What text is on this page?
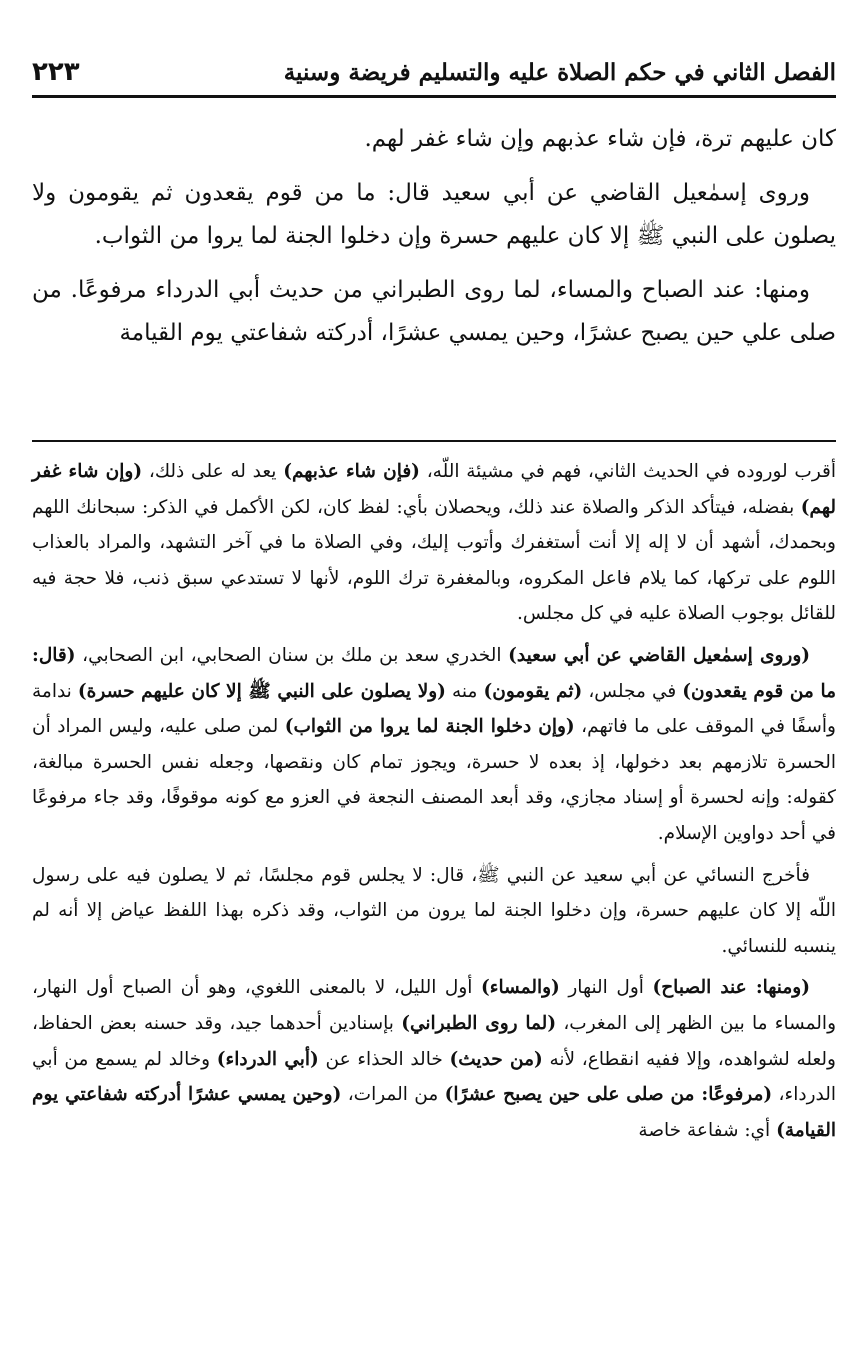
الفصل الثاني في حكم الصلاة عليه والتسليم فريضة وسنية
٢٢٣

كان عليهم ترة، فإن شاء عذبهم وإن شاء غفر لهم.

وروى إسمٰعيل القاضي عن أبي سعيد قال: ما من قوم يقعدون ثم يقومون ولا يصلون على النبي ﷺ إلا كان عليهم حسرة وإن دخلوا الجنة لما يروا من الثواب.

ومنها: عند الصباح والمساء، لما روى الطبراني من حديث أبي الدرداء مرفوعًا. من صلى علي حين يصبح عشرًا، وحين يمسي عشرًا، أدركته شفاعتي يوم القيامة

أقرب لوروده في الحديث الثاني، فهم في مشيئة اللّه، (فإن شاء عذبهم) يعد له على ذلك، (وإن شاء غفر لهم) بفضله، فيتأكد الذكر والصلاة عند ذلك، ويحصلان بأي: لفظ كان، لكن الأكمل في الذكر: سبحانك اللهم وبحمدك، أشهد أن لا إله إلا أنت أستغفرك وأتوب إليك، وفي الصلاة ما في آخر التشهد، والمراد بالعذاب اللوم على تركها، كما يلام فاعل المكروه، وبالمغفرة ترك اللوم، لأنها لا تستدعي سبق ذنب، فلا حجة فيه للقائل بوجوب الصلاة عليه في كل مجلس.

(وروى إسمٰعيل القاضي عن أبي سعيد) الخدري سعد بن ملك بن سنان الصحابي، ابن الصحابي، (قال: ما من قوم يقعدون) في مجلس، (ثم يقومون) منه (ولا يصلون على النبي ﷺ إلا كان عليهم حسرة) ندامة وأسفًا في الموقف على ما فاتهم، (وإن دخلوا الجنة لما يروا من الثواب) لمن صلى عليه، وليس المراد أن الحسرة تلازمهم بعد دخولها، إذ بعده لا حسرة، ويجوز تمام كان ونقصها، وجعله نفس الحسرة مبالغة، كقوله: وإنه لحسرة أو إسناد مجازي، وقد أبعد المصنف النجعة في العزو مع كونه موقوفًا، وقد جاء مرفوعًا في أحد دواوين الإسلام.

فأخرج النسائي عن أبي سعيد عن النبي ﷺ، قال: لا يجلس قوم مجلسًا، ثم لا يصلون فيه على رسول اللّه إلا كان عليهم حسرة، وإن دخلوا الجنة لما يرون من الثواب، وقد ذكره بهذا اللفظ عياض إلا أنه لم ينسبه للنسائي.

(ومنها: عند الصباح) أول النهار (والمساء) أول الليل، لا بالمعنى اللغوي، وهو أن الصباح أول النهار، والمساء ما بين الظهر إلى المغرب، (لما روى الطبراني) بإسنادين أحدهما جيد، وقد حسنه بعض الحفاظ، ولعله لشواهده، وإلا ففيه انقطاع، لأنه (من حديث) خالد الحذاء عن (أبي الدرداء) وخالد لم يسمع من أبي الدرداء، (مرفوعًا: من صلى على حين يصبح عشرًا) من المرات، (وحين يمسي عشرًا أدركته شفاعتي يوم القيامة) أي: شفاعة خاصة
